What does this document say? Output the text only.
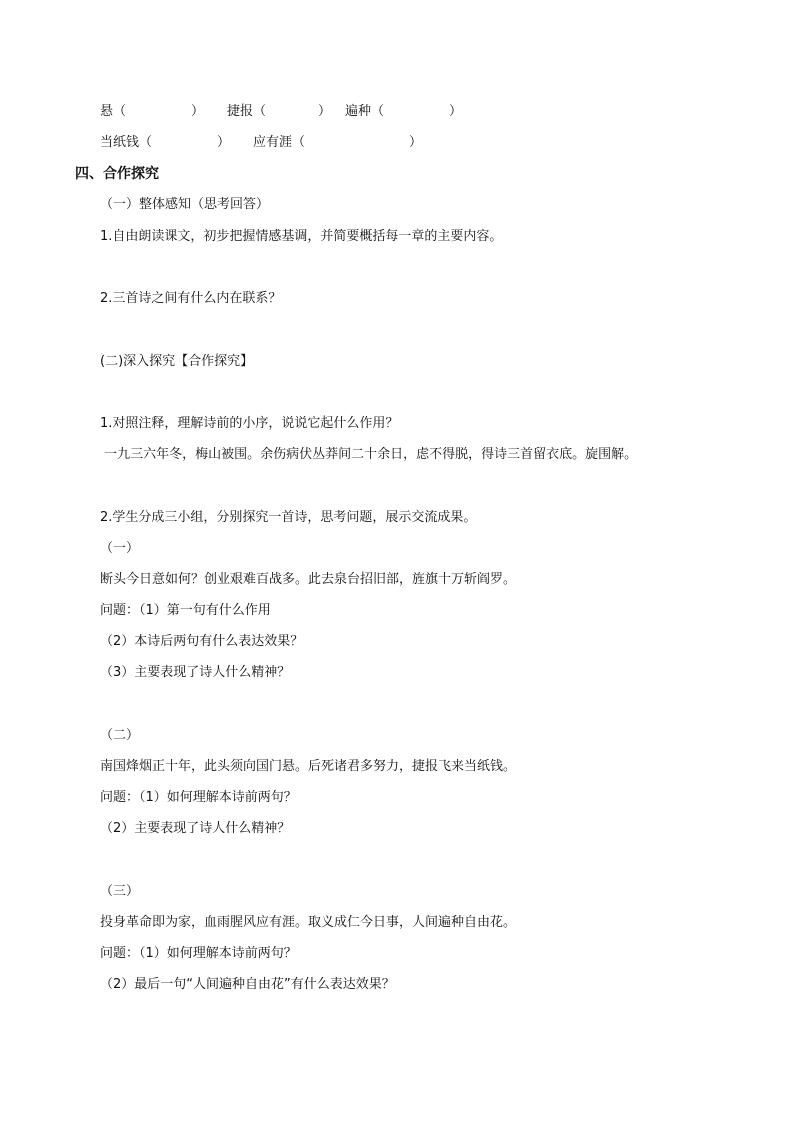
悬（　　　　　） 捷报（　　　　） 遍种（　　　　　）
当纸钱（　　　　　） 应有涯（　　　　　　　　）
四、合作探究
（一）整体感知（思考回答）
1.自由朗读课文，初步把握情感基调，并简要概括每一章的主要内容。
2.三首诗之间有什么内在联系？
(二)深入探究【合作探究】
1.对照注释，理解诗前的小序，说说它起什么作用？
一九三六年冬，梅山被围。余伤病伏丛莽间二十余日，虑不得脱，得诗三首留衣底。旋围解。
2.学生分成三小组，分别探究一首诗，思考问题，展示交流成果。
（一）
断头今日意如何？创业艰难百战多。此去泉台招旧部，旌旗十万斩阎罗。
问题：（1）第一句有什么作用
（2）本诗后两句有什么表达效果？
（3）主要表现了诗人什么精神？
（二）
南国烽烟正十年，此头须向国门悬。后死诸君多努力，捷报飞来当纸钱。
问题：（1）如何理解本诗前两句？
（2）主要表现了诗人什么精神？
（三）
投身革命即为家，血雨腥风应有涯。取义成仁今日事，人间遍种自由花。
问题：（1）如何理解本诗前两句？
（2）最后一句“人间遍种自由花”有什么表达效果？
